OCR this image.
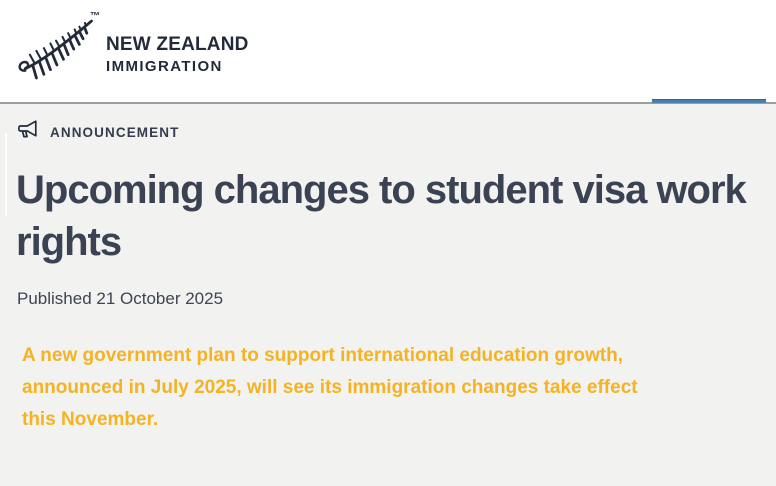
™
NEW ZEALAND
IMMIGRATION
ANNOUNCEMENT
Upcoming changes to student visa work rights
Published 21 October 2025

A new government plan to support international education growth, announced in July 2025, will see its immigration changes take effect this November.
